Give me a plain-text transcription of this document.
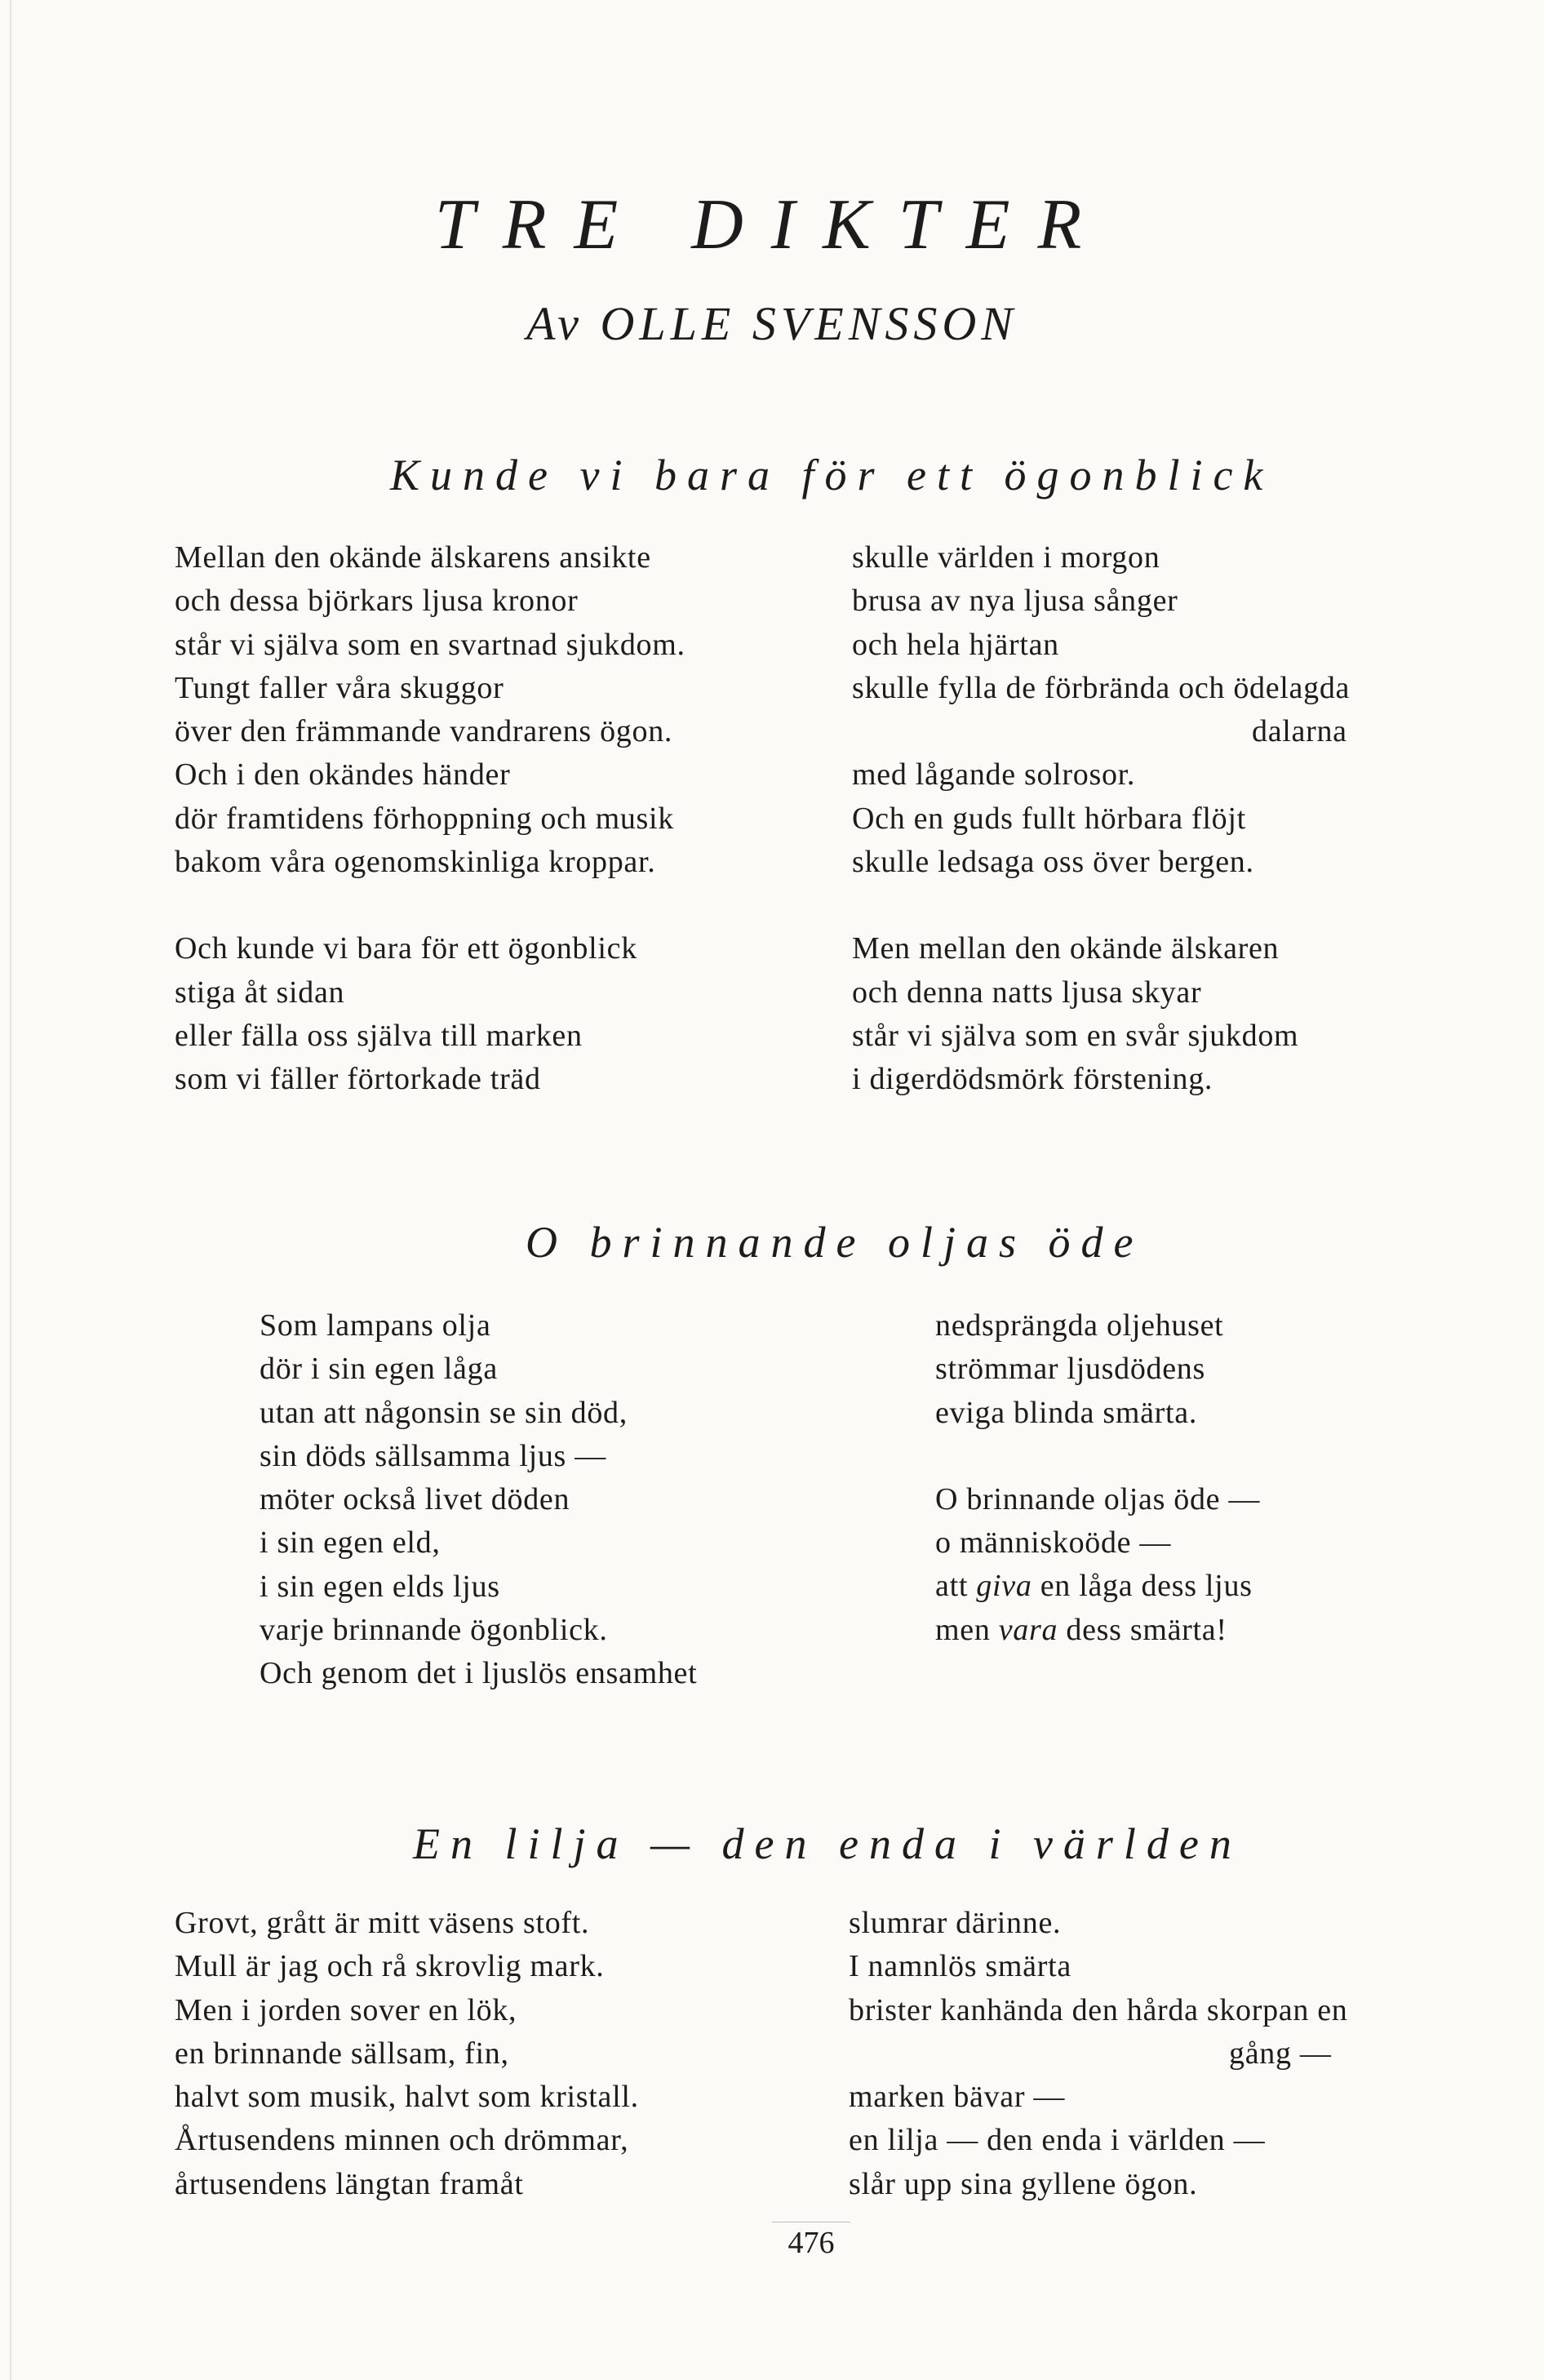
TRE DIKTER
Av OLLE SVENSSON
Kunde vi bara för ett ögonblick
Mellan den okände älskarens ansikte
och dessa björkars ljusa kronor
står vi själva som en svartnad sjukdom.
Tungt faller våra skuggor
över den främmande vandrarens ögon.
Och i den okändes händer
dör framtidens förhoppning och musik
bakom våra ogenomskinliga kroppar.
Och kunde vi bara för ett ögonblick
stiga åt sidan
eller fälla oss själva till marken
som vi fäller förtorkade träd
skulle världen i morgon
brusa av nya ljusa sånger
och hela hjärtan
skulle fylla de förbrända och ödelagda
dalarna
med lågande solrosor.
Och en guds fullt hörbara flöjt
skulle ledsaga oss över bergen.
Men mellan den okände älskaren
och denna natts ljusa skyar
står vi själva som en svår sjukdom
i digerdödsmörk förstening.
O brinnande oljas öde
Som lampans olja
dör i sin egen låga
utan att någonsin se sin död,
sin döds sällsamma ljus —
möter också livet döden
i sin egen eld,
i sin egen elds ljus
varje brinnande ögonblick.
Och genom det i ljuslös ensamhet
nedsprängda oljehuset
strömmar ljusdödens
eviga blinda smärta.
O brinnande oljas öde —
o människoöde —
att giva en låga dess ljus
men vara dess smärta!
En lilja — den enda i världen
Grovt, grått är mitt väsens stoft.
Mull är jag och rå skrovlig mark.
Men i jorden sover en lök,
en brinnande sällsam, fin,
halvt som musik, halvt som kristall.
Årtusendens minnen och drömmar,
årtusendens längtan framåt
slumrar därinne.
I namnlös smärta
brister kanhända den hårda skorpan en
gång —
marken bävar —
en lilja — den enda i världen —
slår upp sina gyllene ögon.
476
